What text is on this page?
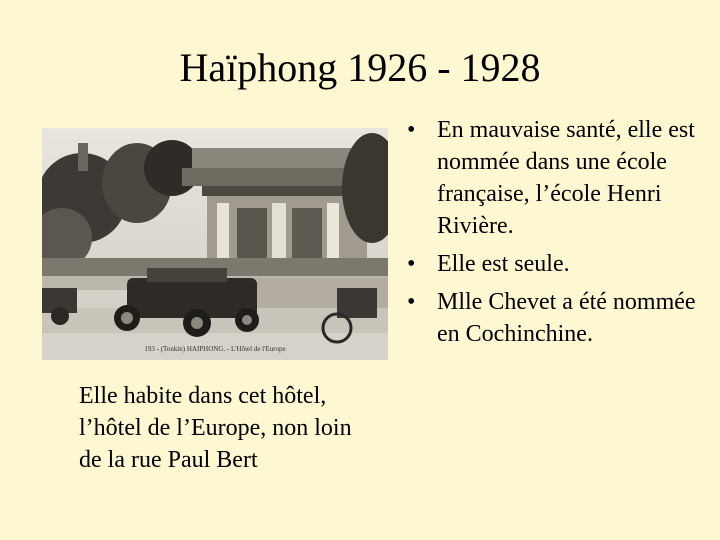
Haïphong 1926 - 1928
193 - (Tonkin) HAIPHONG. - L'Hôtel de l'Europe
• En mauvaise santé, elle est nommée dans une école française, l’école Henri Rivière.
• Elle est seule.
• Mlle Chevet a été nommée en Cochinchine.
Elle habite dans cet hôtel, l’hôtel de l’Europe, non loin de la rue Paul Bert
